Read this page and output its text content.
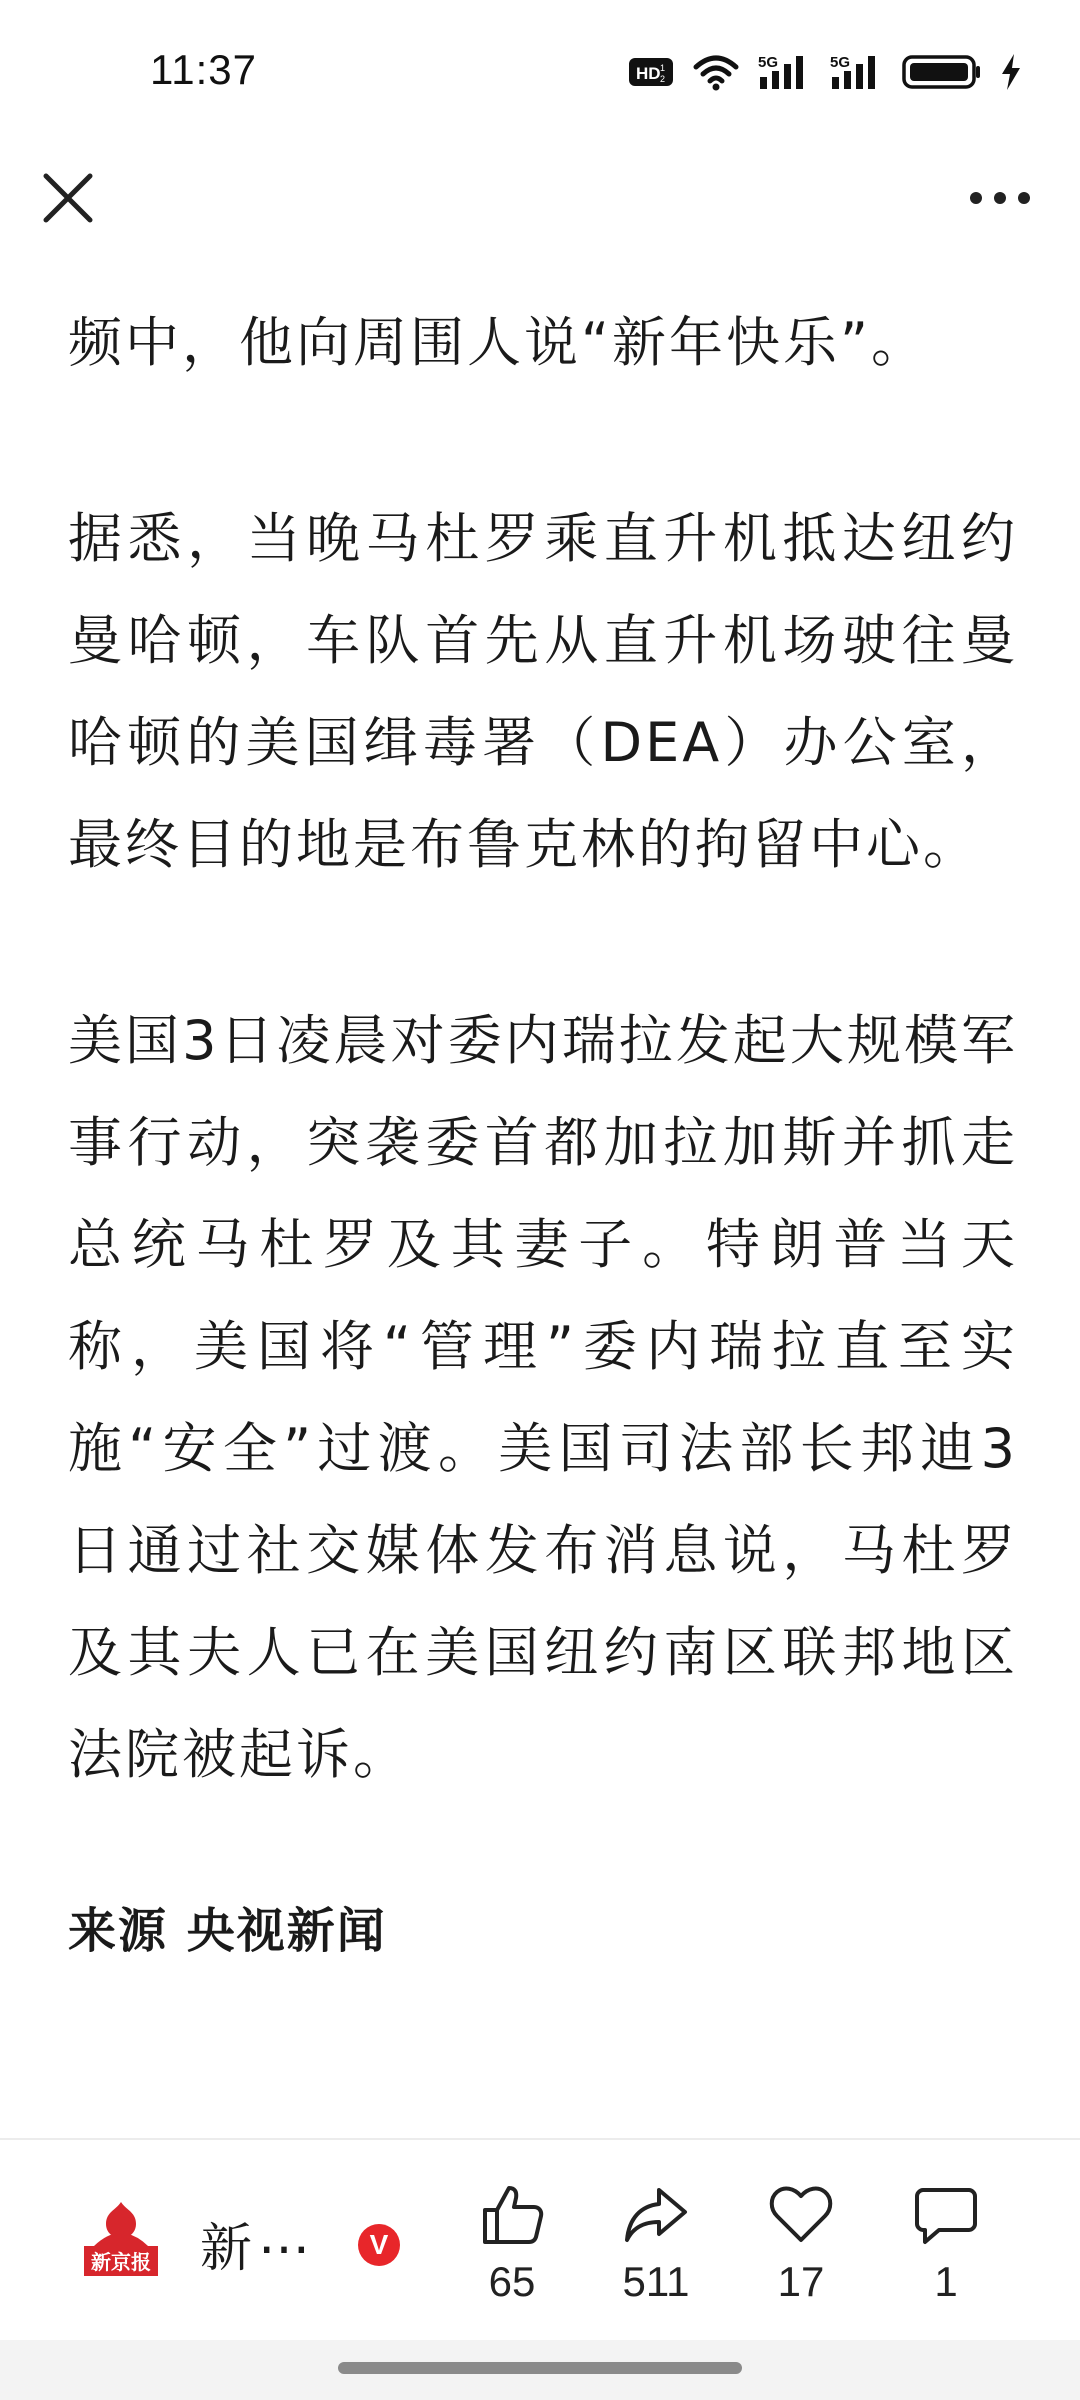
11:37	HD 1
2
5G	5G

频中，他向周围人说“新年快乐”。

据悉，当晚马杜罗乘直升机抵达纽约曼哈顿，车队首先从直升机场驶往曼哈顿的美国缉毒署（DEA）办公室，最终目的地是布鲁克林的拘留中心。

美国3日凌晨对委内瑞拉发起大规模军事行动，突袭委首都加拉加斯并抓走总统马杜罗及其妻子。特朗普当天称，美国将“管理”委内瑞拉直至实施“安全”过渡。美国司法部长邦迪3日通过社交媒体发布消息说，马杜罗及其夫人已在美国纽约南区联邦地区法院被起诉。

来源 央视新闻
新京报 新 …	V
65	511	17	1
